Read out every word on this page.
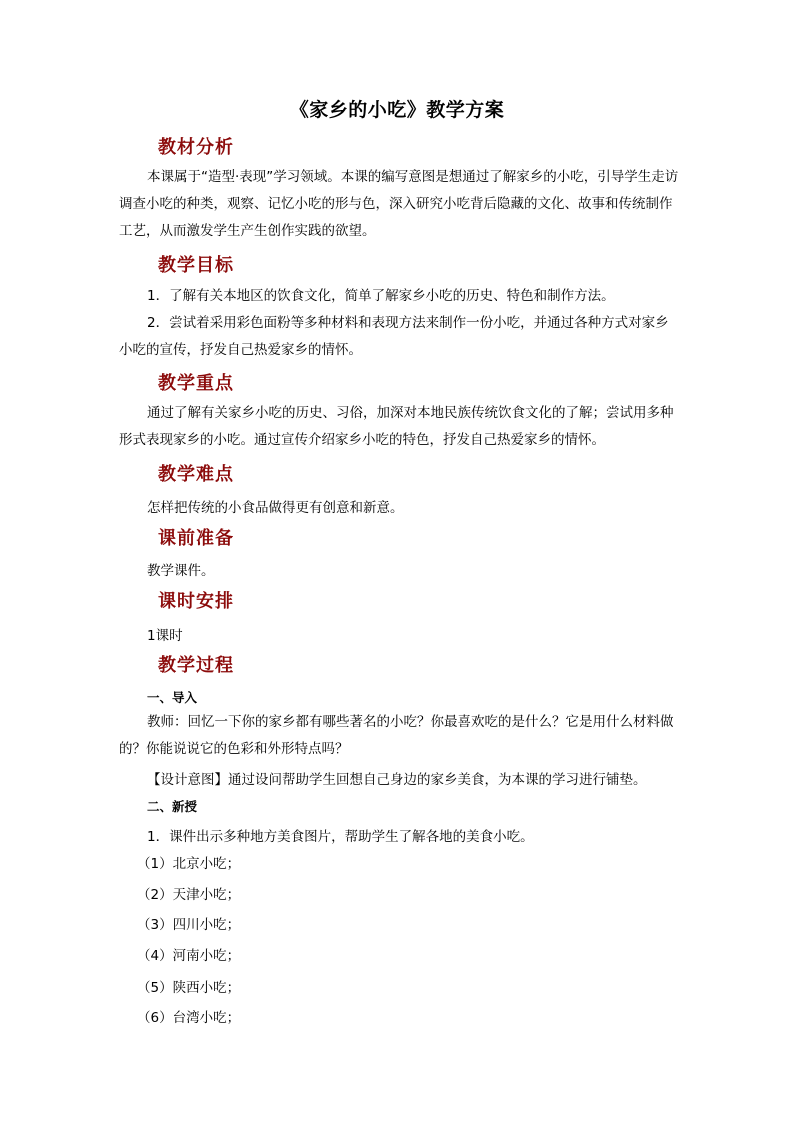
《家乡的小吃》教学方案
教材分析

本课属于“造型·表现”学习领域。本课的编写意图是想通过了解家乡的小吃，引导学生走访调查小吃的种类，观察、记忆小吃的形与色，深入研究小吃背后隐藏的文化、故事和传统制作工艺，从而激发学生产生创作实践的欲望。

教学目标

1．了解有关本地区的饮食文化，简单了解家乡小吃的历史、特色和制作方法。

2．尝试着采用彩色面粉等多种材料和表现方法来制作一份小吃，并通过各种方式对家乡小吃的宣传，抒发自己热爱家乡的情怀。

教学重点

通过了解有关家乡小吃的历史、习俗，加深对本地民族传统饮食文化的了解；尝试用多种形式表现家乡的小吃。通过宣传介绍家乡小吃的特色，抒发自己热爱家乡的情怀。

教学难点
怎样把传统的小食品做得更有创意和新意。
课前准备
教学课件。
课时安排
1课时
教学过程
一、导入

教师：回忆一下你的家乡都有哪些著名的小吃？你最喜欢吃的是什么？它是用什么材料做的？你能说说它的色彩和外形特点吗？

【设计意图】通过设问帮助学生回想自己身边的家乡美食，为本课的学习进行铺垫。
二、新授
1．课件出示多种地方美食图片，帮助学生了解各地的美食小吃。
（1）北京小吃；
（2）天津小吃；
（3）四川小吃；
（4）河南小吃；
（5）陕西小吃；
（6）台湾小吃；
